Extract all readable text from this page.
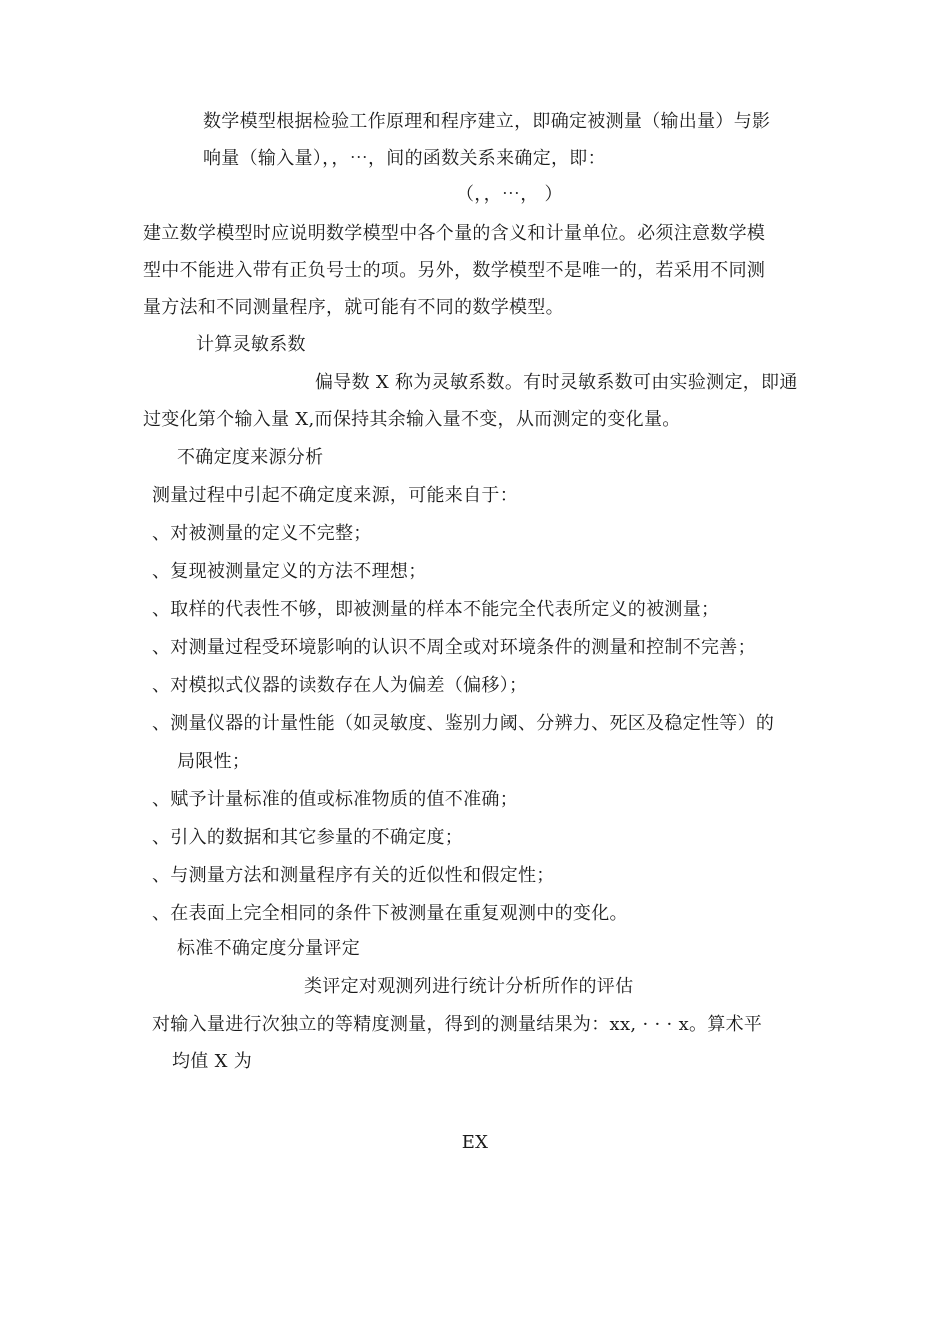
数学模型根据检验工作原理和程序建立，即确定被测量（输出量）与影
响量（输入量），，⋯，间的函数关系来确定，即：
（，，⋯， ）
建立数学模型时应说明数学模型中各个量的含义和计量单位。必须注意数学模
型中不能进入带有正负号士的项。另外，数学模型不是唯一的，若采用不同测
量方法和不同测量程序，就可能有不同的数学模型。
计算灵敏系数
偏导数 X 称为灵敏系数。有时灵敏系数可由实验测定，即通
过变化第个输入量 X,而保持其余输入量不变，从而测定的变化量。
不确定度来源分析
测量过程中引起不确定度来源，可能来自于：
、对被测量的定义不完整；
、复现被测量定义的方法不理想；
、取样的代表性不够，即被测量的样本不能完全代表所定义的被测量；
、对测量过程受环境影响的认识不周全或对环境条件的测量和控制不完善；
、对模拟式仪器的读数存在人为偏差（偏移）；
、测量仪器的计量性能（如灵敏度、鉴别力阈、分辨力、死区及稳定性等）的
局限性；
、赋予计量标准的值或标准物质的值不准确；
、引入的数据和其它参量的不确定度；
、与测量方法和测量程序有关的近似性和假定性；
、在表面上完全相同的条件下被测量在重复观测中的变化。
标准不确定度分量评定
类评定对观测列进行统计分析所作的评估
对输入量进行次独立的等精度测量，得到的测量结果为：xx, · · · x。算术平
均值 X 为
EX
